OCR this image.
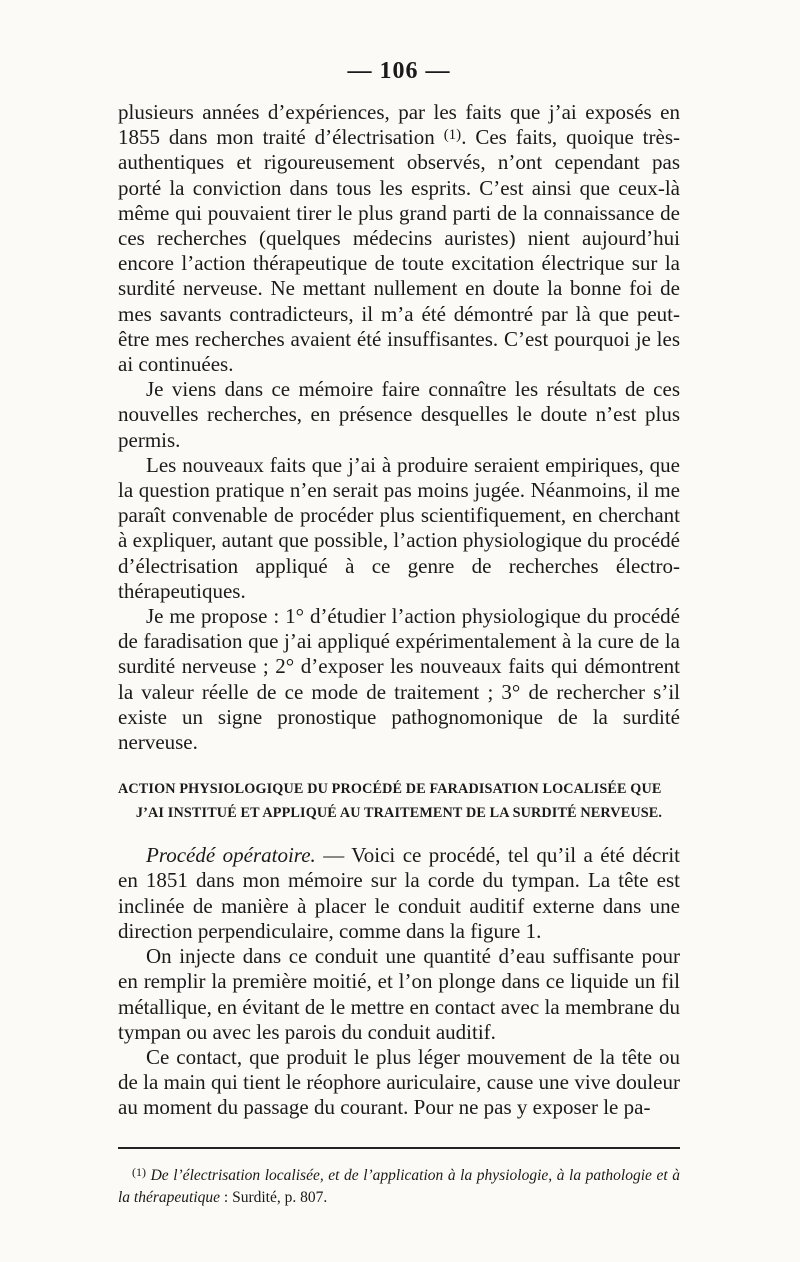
— 106 —

plusieurs années d’expériences, par les faits que j’ai exposés en 1855 dans mon traité d’électrisation $^{(1)}$. Ces faits, quoique très-authentiques et rigoureusement observés, n’ont cependant pas porté la conviction dans tous les esprits. C’est ainsi que ceux-là même qui pouvaient tirer le plus grand parti de la connaissance de ces recherches (quelques médecins auristes) nient aujourd’hui encore l’action thérapeutique de toute excitation électrique sur la surdité nerveuse. Ne mettant nullement en doute la bonne foi de mes savants contradicteurs, il m’a été démontré par là que peut-être mes recherches avaient été insuffisantes. C’est pourquoi je les ai continuées.

Je viens dans ce mémoire faire connaître les résultats de ces nouvelles recherches, en présence desquelles le doute n’est plus permis.

Les nouveaux faits que j’ai à produire seraient empiriques, que la question pratique n’en serait pas moins jugée. Néanmoins, il me paraît convenable de procéder plus scientifiquement, en cherchant à expliquer, autant que possible, l’action physiologique du procédé d’électrisation appliqué à ce genre de recherches électro-thérapeutiques.

Je me propose : 1° d’étudier l’action physiologique du procédé de faradisation que j’ai appliqué expérimentalement à la cure de la surdité nerveuse ; 2° d’exposer les nouveaux faits qui démontrent la valeur réelle de ce mode de traitement ; 3° de rechercher s’il existe un signe pronostique pathognomonique de la surdité nerveuse.

ACTION PHYSIOLOGIQUE DU PROCÉDÉ DE FARADISATION LOCALISÉE QUE
J’AI INSTITUÉ ET APPLIQUÉ AU TRAITEMENT DE LA SURDITÉ NERVEUSE.

Procédé opératoire. — Voici ce procédé, tel qu’il a été décrit en 1851 dans mon mémoire sur la corde du tympan. La tête est inclinée de manière à placer le conduit auditif externe dans une direction perpendiculaire, comme dans la figure 1.

On injecte dans ce conduit une quantité d’eau suffisante pour en remplir la première moitié, et l’on plonge dans ce liquide un fil métallique, en évitant de le mettre en contact avec la membrane du tympan ou avec les parois du conduit auditif.

Ce contact, que produit le plus léger mouvement de la tête ou de la main qui tient le réophore auriculaire, cause une vive douleur au moment du passage du courant. Pour ne pas y exposer le pa-

$^{(1)}$ De l’électrisation localisée, et de l’application à la physiologie, à la pathologie et à la thérapeutique : Surdité, p. 807.
